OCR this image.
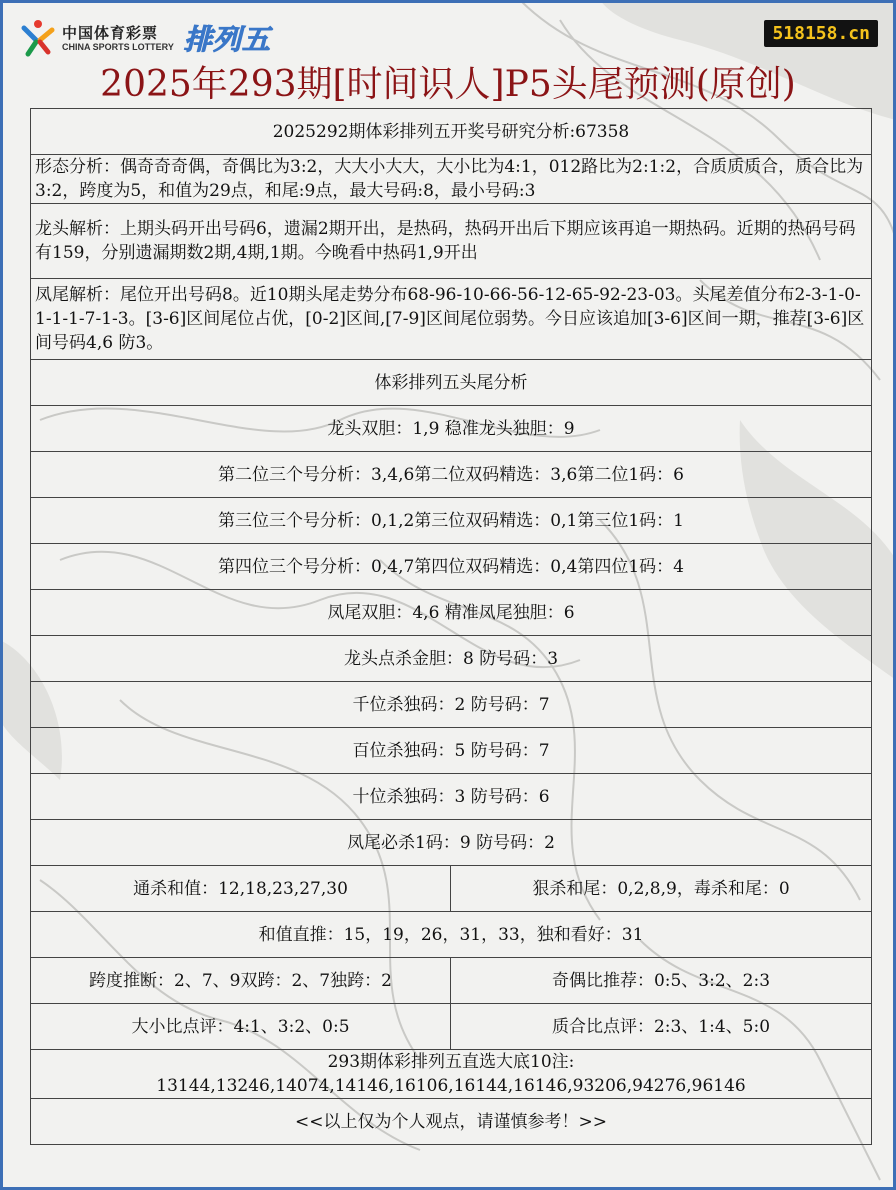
中国体育彩票
CHINA SPORTS LOTTERY 排列五	518158.cn
2025年293期[时间识人]P5头尾预测(原创)
2025292期体彩排列五开奖号研究分析:67358	
形态分析：偶奇奇奇偶，奇偶比为3:2，大大小大大，大小比为4:1，012路比为2:1:2，合质质质合，质合比为3:2，跨度为5，和值为29点，和尾:9点，最大号码:8，最小号码:3	
龙头解析：上期头码开出号码6，遗漏2期开出，是热码，热码开出后下期应该再追一期热码。近期的热码号码有159，分别遗漏期数2期,4期,1期。今晚看中热码1,9开出	
凤尾解析：尾位开出号码8。近10期头尾走势分布68-96-10-66-56-12-65-92-23-03。头尾差值分布2-3-1-0-1-1-1-7-1-3。[3-6]区间尾位占优，[0-2]区间,[7-9]区间尾位弱势。今日应该追加[3-6]区间一期，推荐[3-6]区间号码4,6 防3。	
体彩排列五头尾分析	
龙头双胆：1,9 稳准龙头独胆：9	
第二位三个号分析：3,4,6第二位双码精选：3,6第二位1码：6	
第三位三个号分析：0,1,2第三位双码精选：0,1第三位1码：1	
第四位三个号分析：0,4,7第四位双码精选：0,4第四位1码：4	
凤尾双胆：4,6 精准凤尾独胆：6	
龙头点杀金胆：8 防号码：3	
千位杀独码：2 防号码：7	
百位杀独码：5 防号码：7	
十位杀独码：3 防号码：6	
凤尾必杀1码：9 防号码：2	
通杀和值：12,18,23,27,30	狠杀和尾：0,2,8,9，毒杀和尾：0
和值直推：15，19，26，31，33，独和看好：31	
跨度推断：2、7、9双跨：2、7独跨：2	奇偶比推荐：0:5、3:2、2:3
大小比点评：4:1、3:2、0:5	质合比点评：2:3、1:4、5:0

293期体彩排列五直选大底10注:
13144,13246,14074,14146,16106,16144,16146,93206,94276,96146	

<<以上仅为个人观点，请谨慎参考！>>	
